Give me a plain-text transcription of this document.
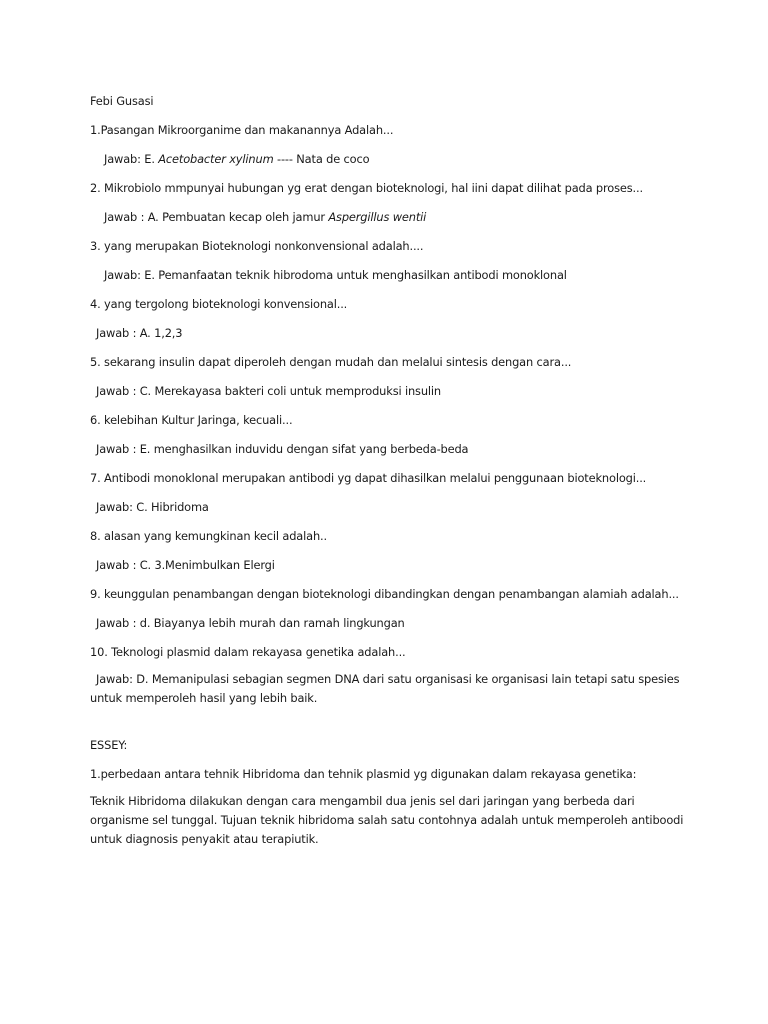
Febi Gusasi

1.Pasangan Mikroorganime dan makanannya Adalah...

Jawab: E. Acetobacter xylinum ---- Nata de coco

2. Mikrobiolo mmpunyai hubungan yg erat dengan bioteknologi, hal iini dapat dilihat pada proses...

Jawab : A. Pembuatan kecap oleh jamur Aspergillus wentii

3. yang merupakan Bioteknologi nonkonvensional adalah....

Jawab: E. Pemanfaatan teknik hibrodoma untuk menghasilkan antibodi monoklonal

4. yang tergolong bioteknologi konvensional...

Jawab : A. 1,2,3

5. sekarang insulin dapat diperoleh dengan mudah dan melalui sintesis dengan cara...

Jawab : C. Merekayasa bakteri coli untuk memproduksi insulin

6. kelebihan Kultur Jaringa, kecuali...

Jawab : E. menghasilkan induvidu dengan sifat yang berbeda-beda

7. Antibodi monoklonal merupakan antibodi yg dapat dihasilkan melalui penggunaan bioteknologi...

Jawab: C. Hibridoma

8. alasan yang kemungkinan kecil adalah..

Jawab : C. 3.Menimbulkan Elergi

9. keunggulan penambangan dengan bioteknologi dibandingkan dengan penambangan alamiah adalah...

Jawab : d. Biayanya lebih murah dan ramah lingkungan

10. Teknologi plasmid dalam rekayasa genetika adalah...

Jawab: D. Memanipulasi sebagian segmen DNA dari satu organisasi ke organisasi lain tetapi satu spesies untuk memperoleh hasil yang lebih baik.

ESSEY:

1.perbedaan antara tehnik Hibridoma dan tehnik plasmid yg digunakan dalam rekayasa genetika:

Teknik Hibridoma dilakukan dengan cara mengambil dua jenis sel dari jaringan yang berbeda dari organisme sel tunggal. Tujuan teknik hibridoma salah satu contohnya adalah untuk memperoleh antiboodi untuk diagnosis penyakit atau terapiutik.
